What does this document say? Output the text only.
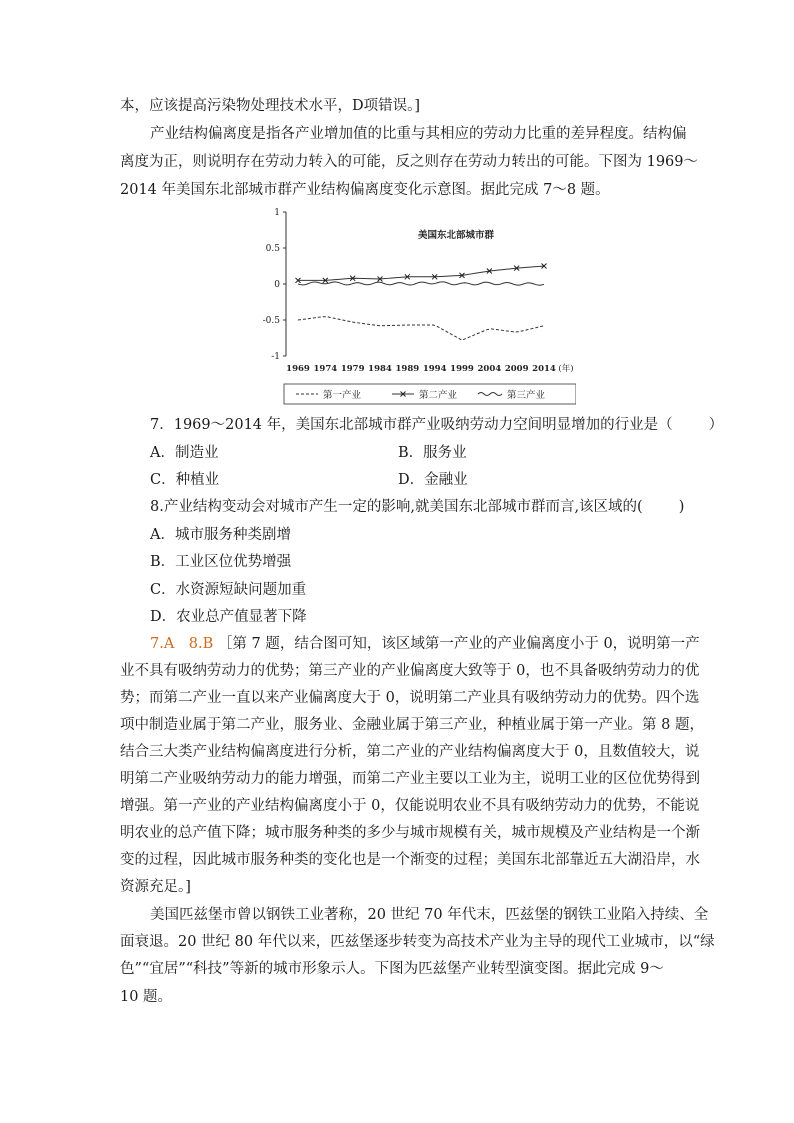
本，应该提高污染物处理技术水平，D项错误。]
产业结构偏离度是指各产业增加值的比重与其相应的劳动力比重的差异程度。结构偏
离度为正，则说明存在劳动力转入的可能，反之则存在劳动力转出的可能。下图为 1969～
2014 年美国东北部城市群产业结构偏离度变化示意图。据此完成 7～8 题。
1
0.5
0
-0.5
-1
1969 1974 1979 1984 1989 1994 1999 2004 2009 2014 (年)
美国东北部城市群
第一产业	第二产业	第三产业
7．1969～2014 年，美国东北部城市群产业吸纳劳动力空间明显增加的行业是（ ）
A．制造业	B．服务业
C．种植业	D．金融业
8.产业结构变动会对城市产生一定的影响,就美国东北部城市群而言,该区域的( )
A．城市服务种类剧增
B．工业区位优势增强
C．水资源短缺问题加重
D．农业总产值显著下降
7.A　8.B ［第 7 题，结合图可知，该区域第一产业的产业偏离度小于 0，说明第一产
业不具有吸纳劳动力的优势；第三产业的产业偏离度大致等于 0，也不具备吸纳劳动力的优
势；而第二产业一直以来产业偏离度大于 0，说明第二产业具有吸纳劳动力的优势。四个选
项中制造业属于第二产业，服务业、金融业属于第三产业，种植业属于第一产业。第 8 题，
结合三大类产业结构偏离度进行分析，第二产业的产业结构偏离度大于 0，且数值较大，说
明第二产业吸纳劳动力的能力增强，而第二产业主要以工业为主，说明工业的区位优势得到
增强。第一产业的产业结构偏离度小于 0，仅能说明农业不具有吸纳劳动力的优势，不能说
明农业的总产值下降；城市服务种类的多少与城市规模有关，城市规模及产业结构是一个渐
变的过程，因此城市服务种类的变化也是一个渐变的过程；美国东北部靠近五大湖沿岸，水
资源充足。]
美国匹兹堡市曾以钢铁工业著称，20 世纪 70 年代末，匹兹堡的钢铁工业陷入持续、全
面衰退。20 世纪 80 年代以来，匹兹堡逐步转变为高技术产业为主导的现代工业城市，以“绿
色”“宜居”“科技”等新的城市形象示人。下图为匹兹堡产业转型演变图。据此完成 9～
10 题。
